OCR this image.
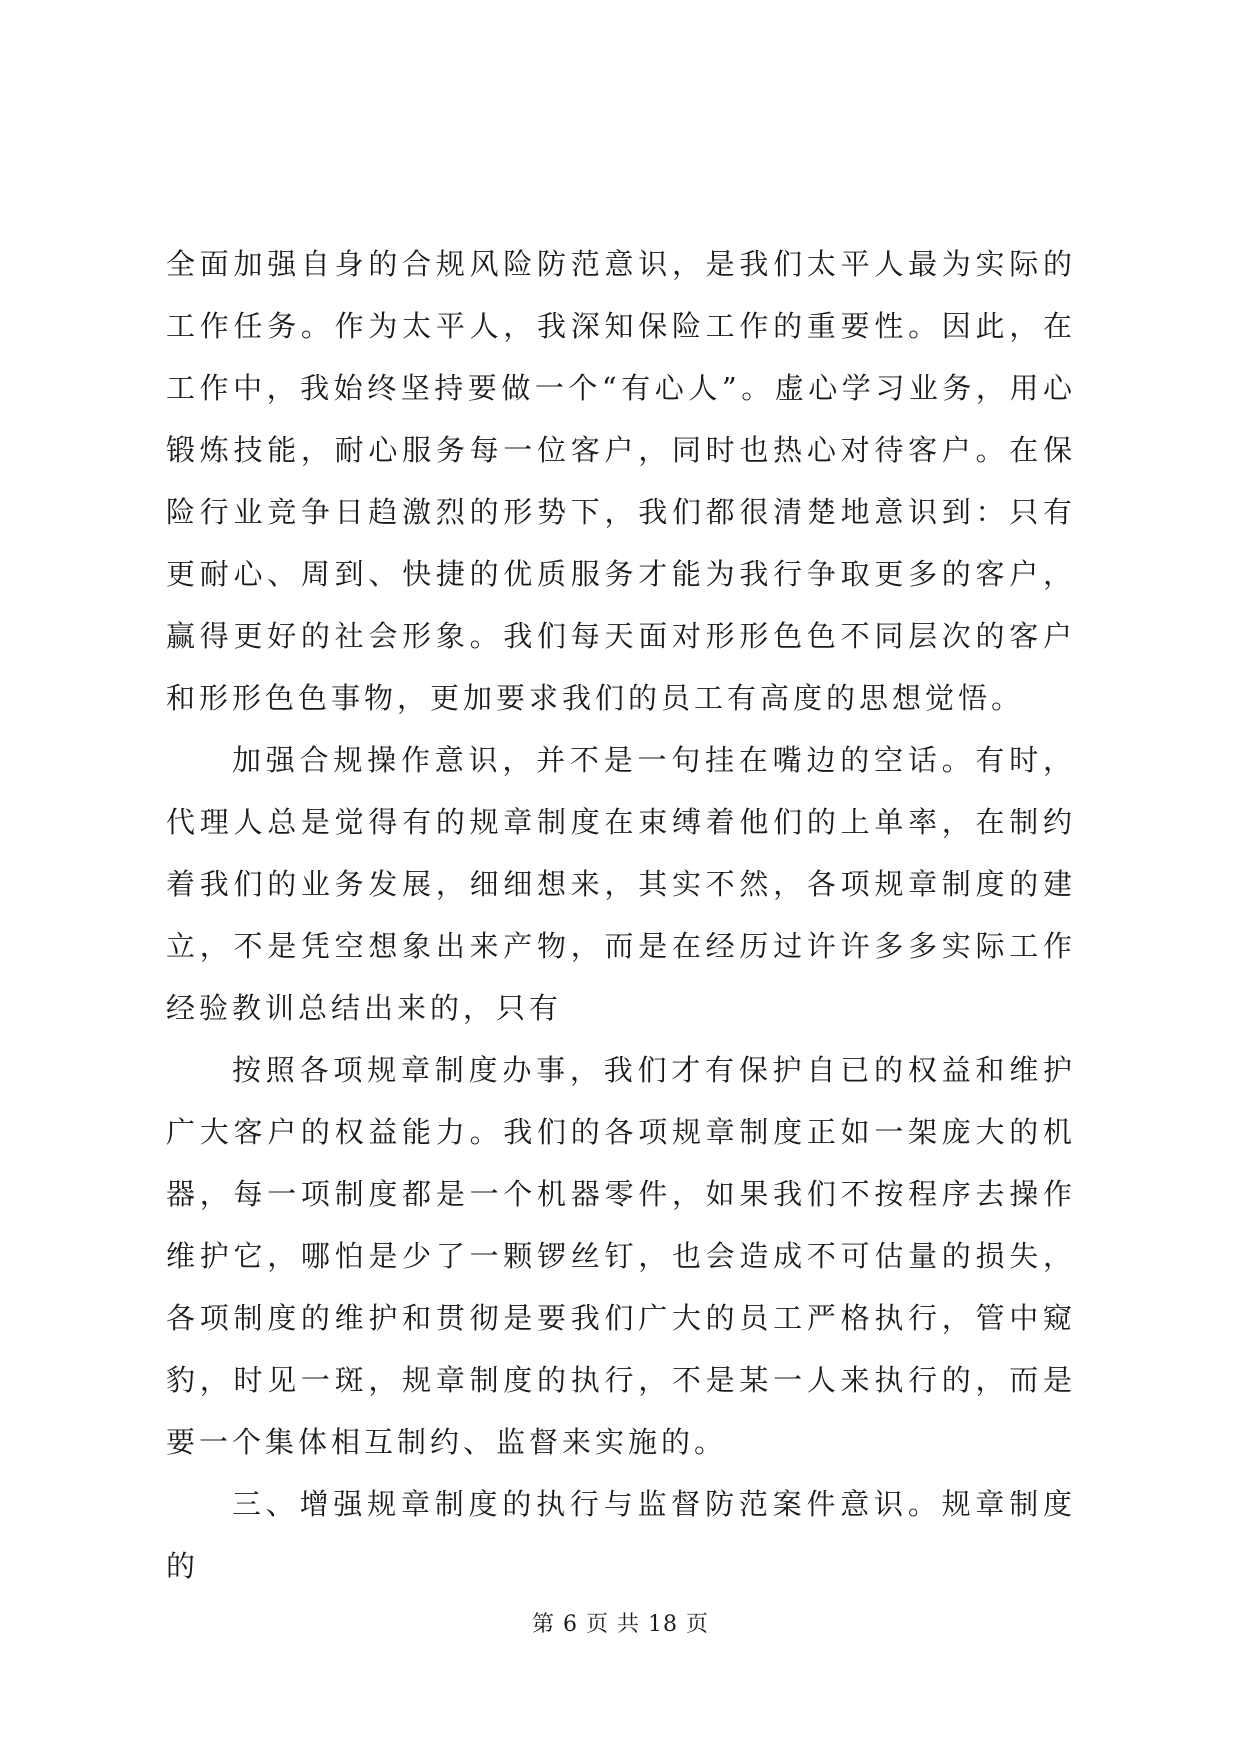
全面加强自身的合规风险防范意识，是我们太平人最为实际的工作任务。作为太平人，我深知保险工作的重要性。因此，在工作中，我始终坚持要做一个“有心人”。虚心学习业务，用心锻炼技能，耐心服务每一位客户，同时也热心对待客户。在保险行业竞争日趋激烈的形势下，我们都很清楚地意识到：只有更耐心、周到、快捷的优质服务才能为我行争取更多的客户，赢得更好的社会形象。我们每天面对形形色色不同层次的客户和形形色色事物，更加要求我们的员工有高度的思想觉悟。

加强合规操作意识，并不是一句挂在嘴边的空话。有时，代理人总是觉得有的规章制度在束缚着他们的上单率，在制约着我们的业务发展，细细想来，其实不然，各项规章制度的建立，不是凭空想象出来产物，而是在经历过许许多多实际工作经验教训总结出来的，只有

按照各项规章制度办事，我们才有保护自已的权益和维护广大客户的权益能力。我们的各项规章制度正如一架庞大的机器，每一项制度都是一个机器零件，如果我们不按程序去操作维护它，哪怕是少了一颗锣丝钉，也会造成不可估量的损失，各项制度的维护和贯彻是要我们广大的员工严格执行，管中窥豹，时见一斑，规章制度的执行，不是某一人来执行的，而是要一个集体相互制约、监督来实施的。

三、增强规章制度的执行与监督防范案件意识。规章制度的

第 6 页 共 18 页
